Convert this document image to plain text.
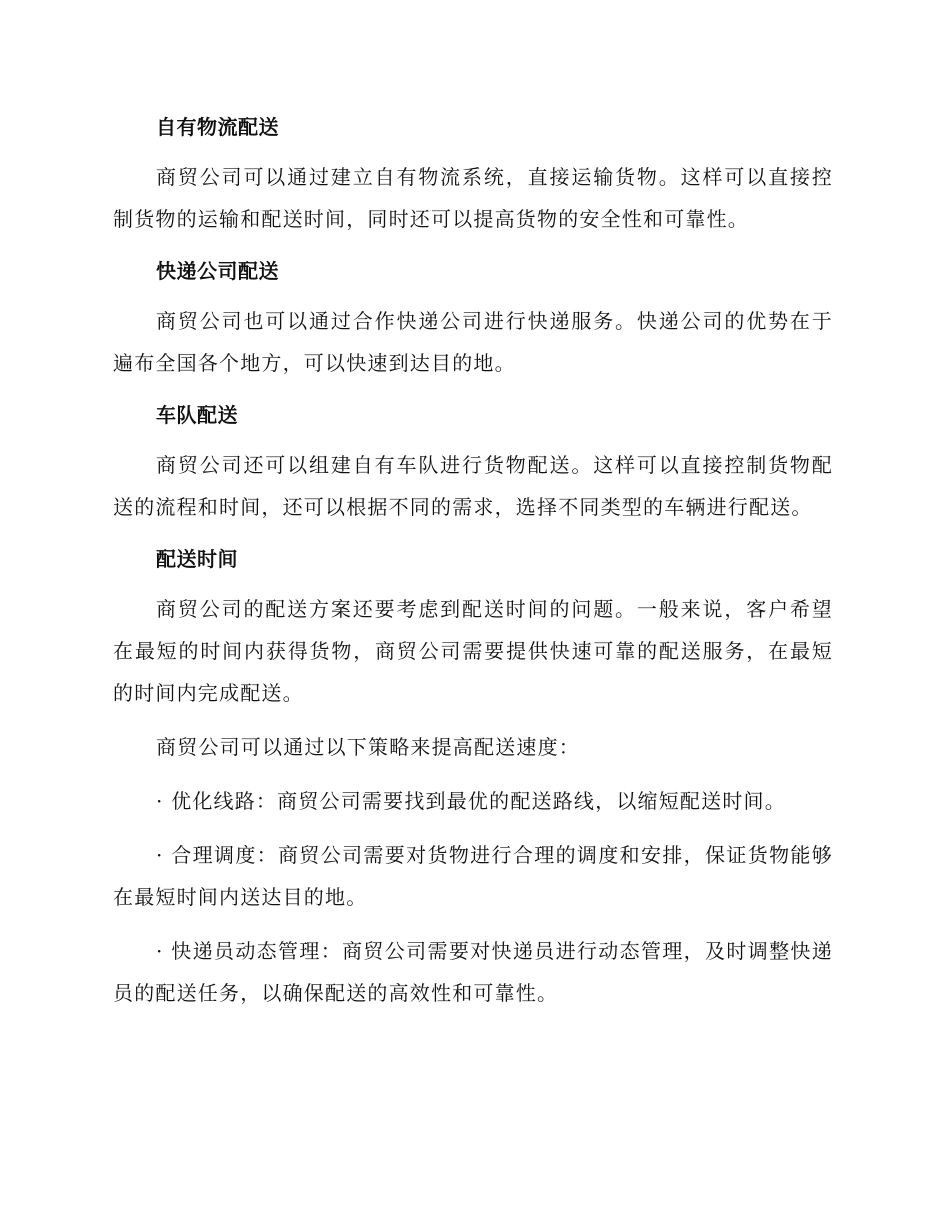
自有物流配送

商贸公司可以通过建立自有物流系统，直接运输货物。这样可以直接控制货物的运输和配送时间，同时还可以提高货物的安全性和可靠性。

快递公司配送

商贸公司也可以通过合作快递公司进行快递服务。快递公司的优势在于遍布全国各个地方，可以快速到达目的地。

车队配送

商贸公司还可以组建自有车队进行货物配送。这样可以直接控制货物配送的流程和时间，还可以根据不同的需求，选择不同类型的车辆进行配送。

配送时间

商贸公司的配送方案还要考虑到配送时间的问题。一般来说，客户希望在最短的时间内获得货物，商贸公司需要提供快速可靠的配送服务，在最短的时间内完成配送。

商贸公司可以通过以下策略来提高配送速度：

· 优化线路：商贸公司需要找到最优的配送路线，以缩短配送时间。

· 合理调度：商贸公司需要对货物进行合理的调度和安排，保证货物能够在最短时间内送达目的地。

· 快递员动态管理：商贸公司需要对快递员进行动态管理，及时调整快递员的配送任务，以确保配送的高效性和可靠性。
